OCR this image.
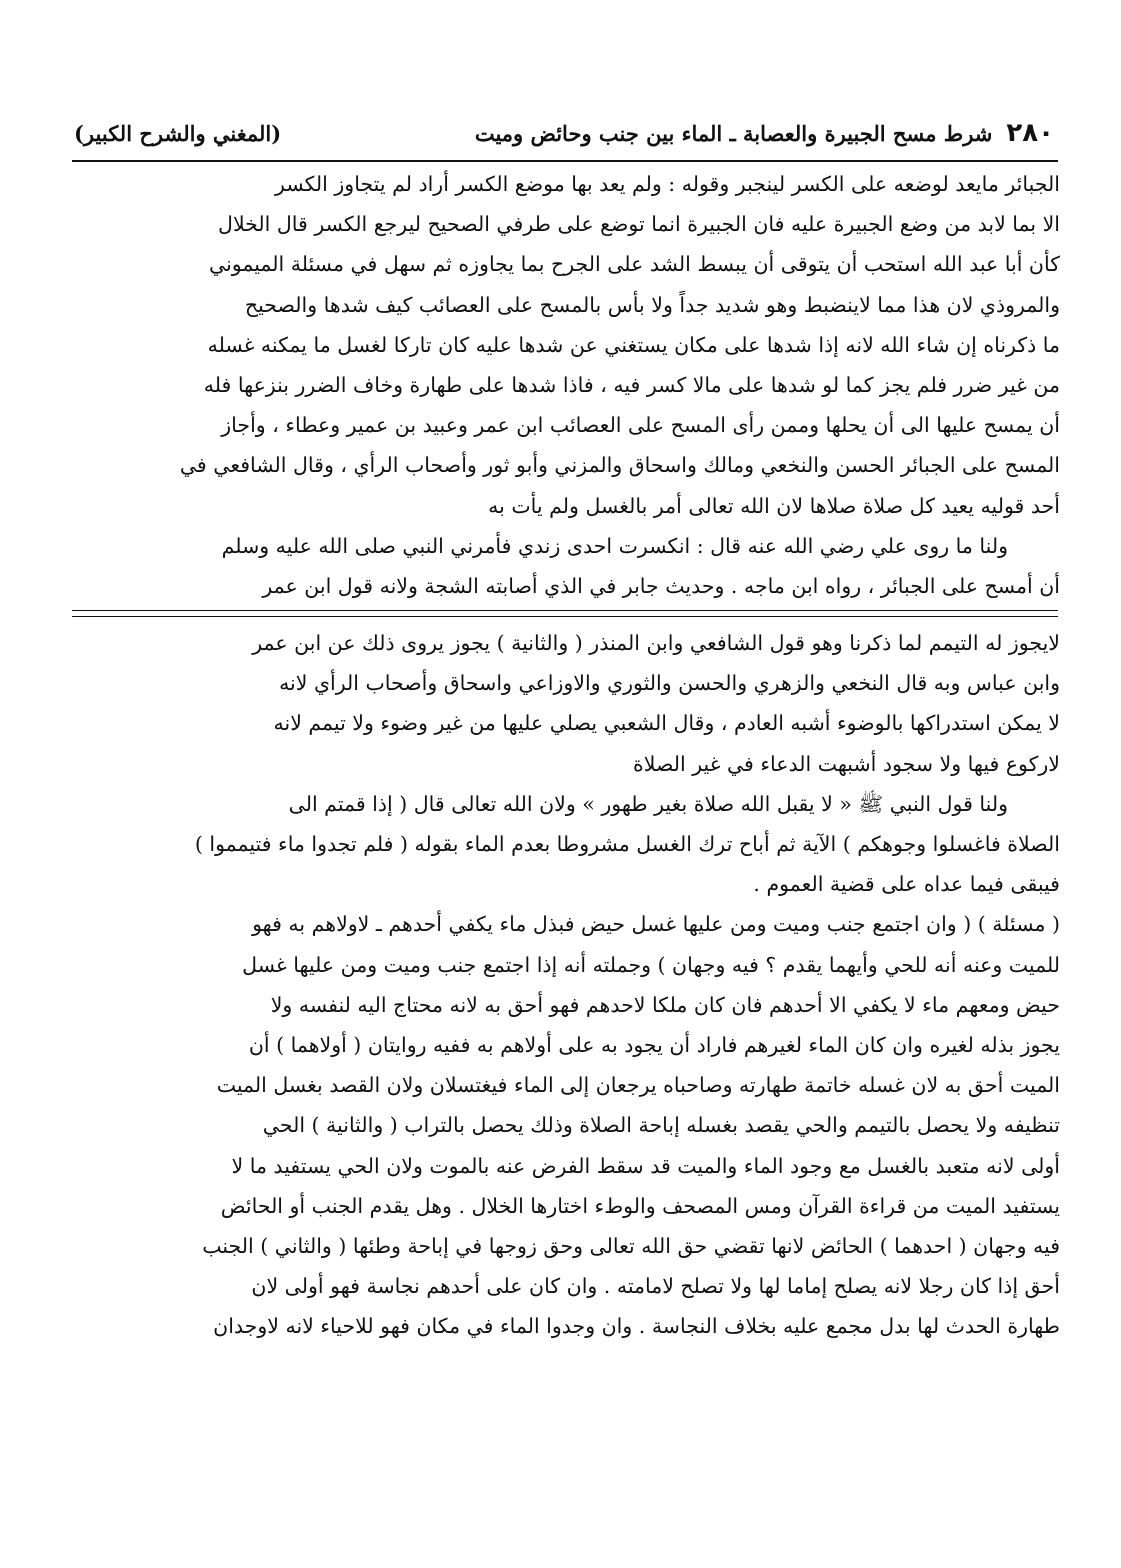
٢٨٠
شرط مسح الجبيرة والعصابة ـ الماء بين جنب وحائض وميت
(المغني والشرح الكبير)
الجبائر مايعد لوضعه على الكسر لينجبر وقوله : ولم يعد بها موضع الكسر أراد لم يتجاوز الكسر
الا بما لابد من وضع الجبيرة عليه فان الجبيرة انما توضع على طرفي الصحيح ليرجع الكسر قال الخلال
كأن أبا عبد الله استحب أن يتوقى أن يبسط الشد على الجرح بما يجاوزه ثم سهل في مسئلة الميموني
والمروذي لان هذا مما لاينضبط وهو شديد جداً ولا بأس بالمسح على العصائب كيف شدها والصحيح
ما ذكرناه إن شاء الله لانه إذا شدها على مكان يستغني عن شدها عليه كان تاركا لغسل ما يمكنه غسله
من غير ضرر فلم يجز كما لو شدها على مالا كسر فيه ، فاذا شدها على طهارة وخاف الضرر بنزعها فله
أن يمسح عليها الى أن يحلها وممن رأى المسح على العصائب ابن عمر وعبيد بن عمير وعطاء ، وأجاز
المسح على الجبائر الحسن والنخعي ومالك واسحاق والمزني وأبو ثور وأصحاب الرأي ، وقال الشافعي في
أحد قوليه يعيد كل صلاة صلاها لان الله تعالى أمر بالغسل ولم يأت به
ولنا ما روى علي رضي الله عنه قال : انكسرت احدى زندي فأمرني النبي صلى الله عليه وسلم
أن أمسح على الجبائر ، رواه ابن ماجه . وحديث جابر في الذي أصابته الشجة ولانه قول ابن عمر
لايجوز له التيمم لما ذكرنا وهو قول الشافعي وابن المنذر ( والثانية ) يجوز يروى ذلك عن ابن عمر
وابن عباس وبه قال النخعي والزهري والحسن والثوري والاوزاعي واسحاق وأصحاب الرأي لانه
لا يمكن استدراكها بالوضوء أشبه العادم ، وقال الشعبي يصلي عليها من غير وضوء ولا تيمم لانه
لاركوع فيها ولا سجود أشبهت الدعاء في غير الصلاة
ولنا قول النبي ﷺ « لا يقبل الله صلاة بغير طهور » ولان الله تعالى قال ( إذا قمتم الى
الصلاة فاغسلوا وجوهكم ) الآية ثم أباح ترك الغسل مشروطا بعدم الماء بقوله ( فلم تجدوا ماء فتيمموا )
فيبقى فيما عداه على قضية العموم .
( مسئلة ) ( وان اجتمع جنب وميت ومن عليها غسل حيض فبذل ماء يكفي أحدهم ـ لاولاهم به فهو
للميت وعنه أنه للحي وأيهما يقدم ؟ فيه وجهان ) وجملته أنه إذا اجتمع جنب وميت ومن عليها غسل
حيض ومعهم ماء لا يكفي الا أحدهم فان كان ملكا لاحدهم فهو أحق به لانه محتاج اليه لنفسه ولا
يجوز بذله لغيره وان كان الماء لغيرهم فاراد أن يجود به على أولاهم به ففيه روايتان ( أولاهما ) أن
الميت أحق به لان غسله خاتمة طهارته وصاحباه يرجعان إلى الماء فيغتسلان ولان القصد بغسل الميت
تنظيفه ولا يحصل بالتيمم والحي يقصد بغسله إباحة الصلاة وذلك يحصل بالتراب ( والثانية ) الحي
أولى لانه متعبد بالغسل مع وجود الماء والميت قد سقط الفرض عنه بالموت ولان الحي يستفيد ما لا
يستفيد الميت من قراءة القرآن ومس المصحف والوطء اختارها الخلال . وهل يقدم الجنب أو الحائض
فيه وجهان ( احدهما ) الحائض لانها تقضي حق الله تعالى وحق زوجها في إباحة وطئها ( والثاني ) الجنب
أحق إذا كان رجلا لانه يصلح إماما لها ولا تصلح لامامته . وان كان على أحدهم نجاسة فهو أولى لان
طهارة الحدث لها بدل مجمع عليه بخلاف النجاسة . وان وجدوا الماء في مكان فهو للاحياء لانه لاوجدان
